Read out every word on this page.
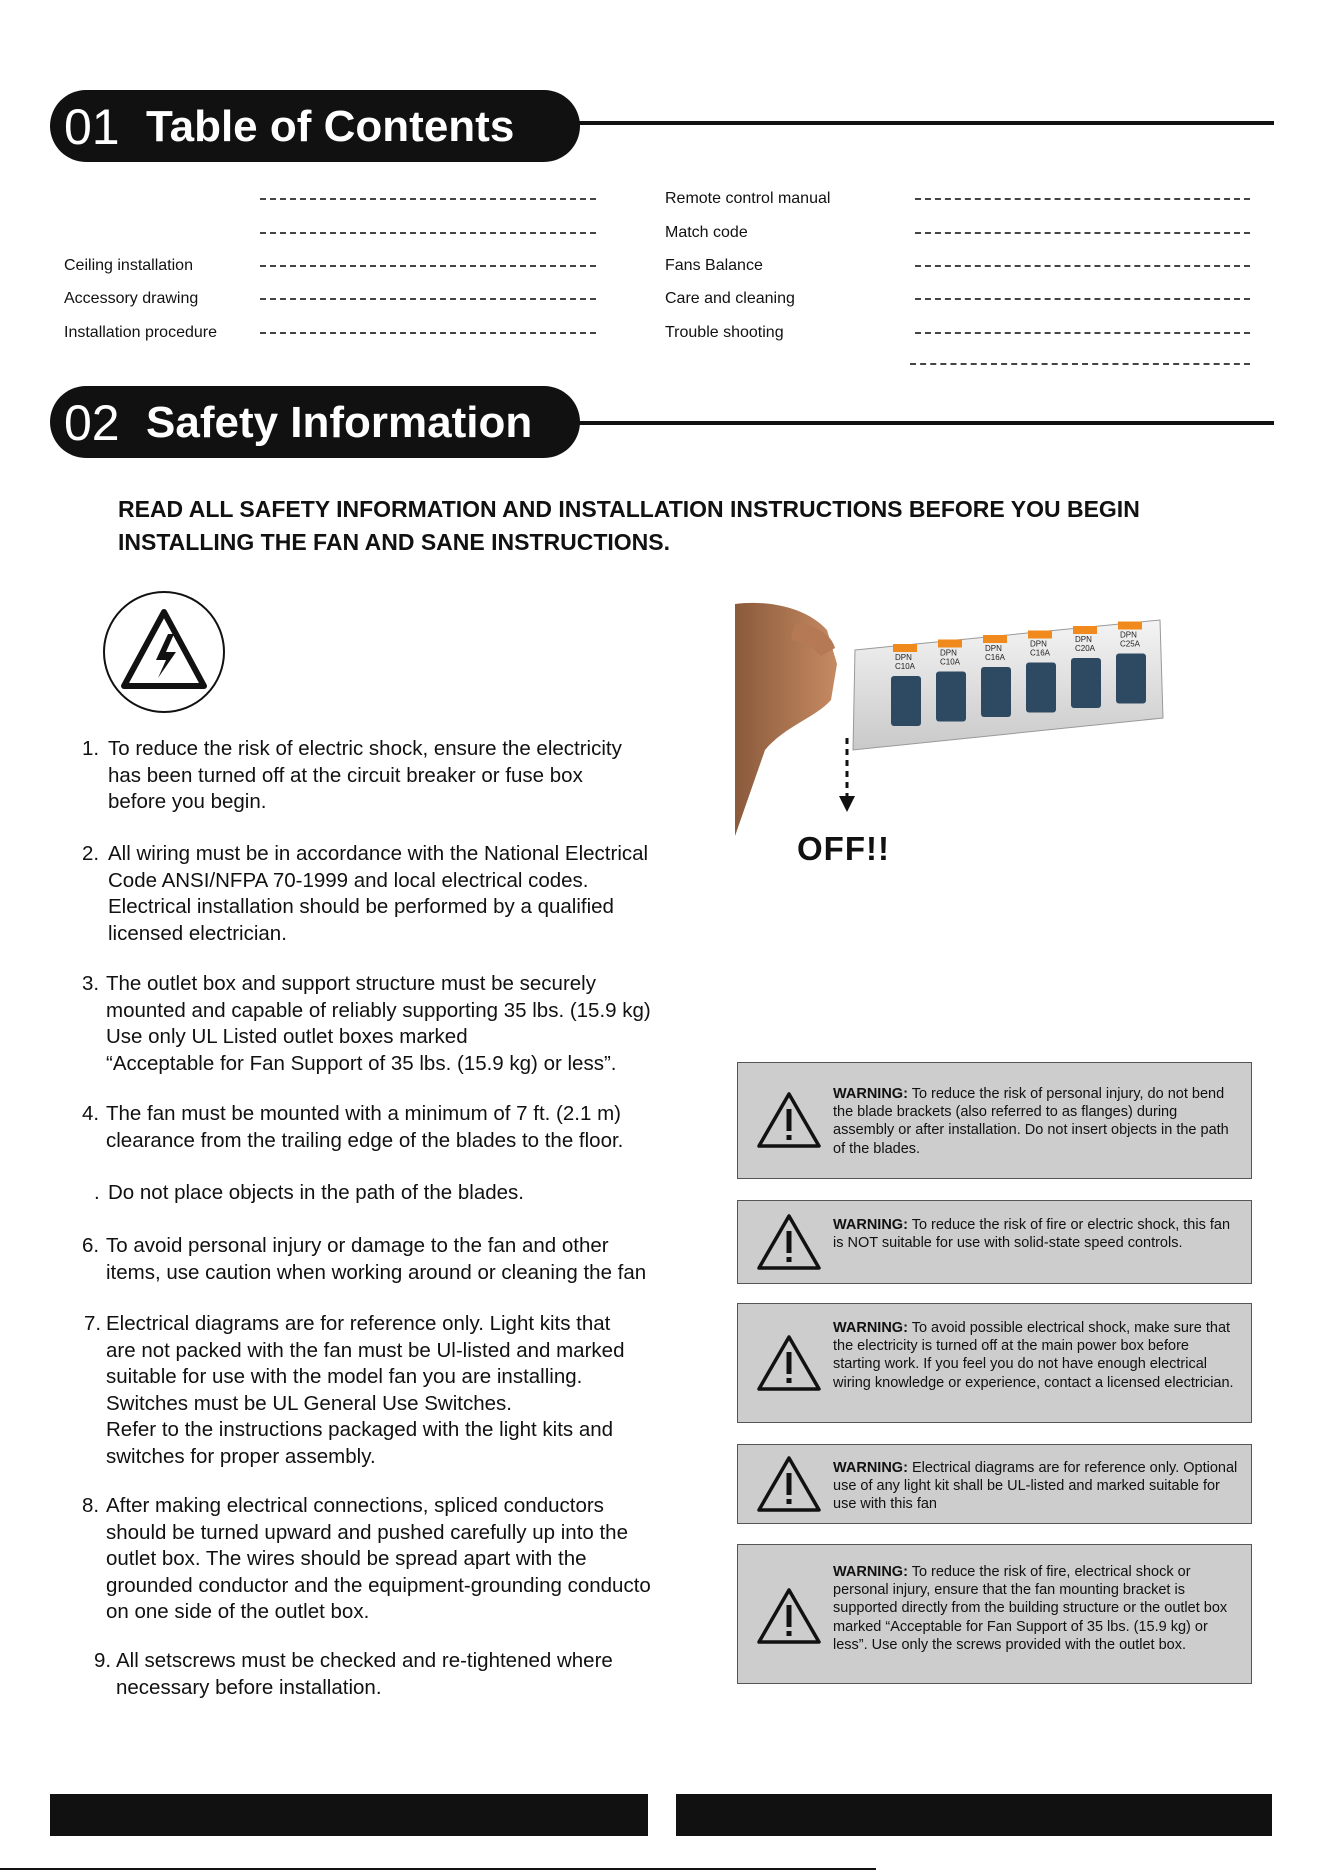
01 Table of Contents
Ceiling installation
Accessory drawing
Installation procedure
Remote control manual
Match code
Fans Balance
Care and cleaning
Trouble shooting
02 Safety Information
READ ALL SAFETY INFORMATION AND INSTALLATION INSTRUCTIONS BEFORE YOU BEGIN INSTALLING THE FAN AND SANE INSTRUCTIONS.
1. To reduce the risk of electric shock, ensure the electricity
has been turned off at the circuit breaker or fuse box
before you begin.
2. All wiring must be in accordance with the National Electrical
Code ANSI/NFPA 70-1999 and local electrical codes.
Electrical installation should be performed by a qualified
licensed electrician.
3. The outlet box and support structure must be securely
mounted and capable of reliably supporting 35 lbs. (15.9 kg)
Use only UL Listed outlet boxes marked
“Acceptable for Fan Support of 35 lbs. (15.9 kg) or less”.
4. The fan must be mounted with a minimum of 7 ft. (2.1 m)
clearance from the trailing edge of the blades to the floor.
. Do not place objects in the path of the blades.
6. To avoid personal injury or damage to the fan and other
items, use caution when working around or cleaning the fan
7. Electrical diagrams are for reference only. Light kits that
are not packed with the fan must be Ul-listed and marked
suitable for use with the model fan you are installing.
Switches must be UL General Use Switches.
Refer to the instructions packaged with the light kits and
switches for proper assembly.
8. After making electrical connections, spliced conductors
should be turned upward and pushed carefully up into the
outlet box. The wires should be spread apart with the
grounded conductor and the equipment-grounding conducto
on one side of the outlet box.
9. All setscrews must be checked and re-tightened where
necessary before installation.
DPN
C10A
DPN
C10A
DPN
C16A
DPN
C16A
DPN
C20A
DPN
C25A
OFF!!
WARNING: To reduce the risk of personal injury, do not bend the blade brackets (also referred to as flanges) during assembly or after installation. Do not insert objects in the path of the blades.
WARNING: To reduce the risk of fire or electric shock, this fan is NOT suitable for use with solid-state speed controls.
WARNING: To avoid possible electrical shock, make sure that the electricity is turned off at the main power box before starting work. If you feel you do not have enough electrical wiring knowledge or experience, contact a licensed electrician.
WARNING: Electrical diagrams are for reference only. Optional use of any light kit shall be UL-listed and marked suitable for use with this fan
WARNING: To reduce the risk of fire, electrical shock or personal injury, ensure that the fan mounting bracket is supported directly from the building structure or the outlet box marked “Acceptable for Fan Support of 35 lbs. (15.9 kg) or less”. Use only the screws provided with the outlet box.
